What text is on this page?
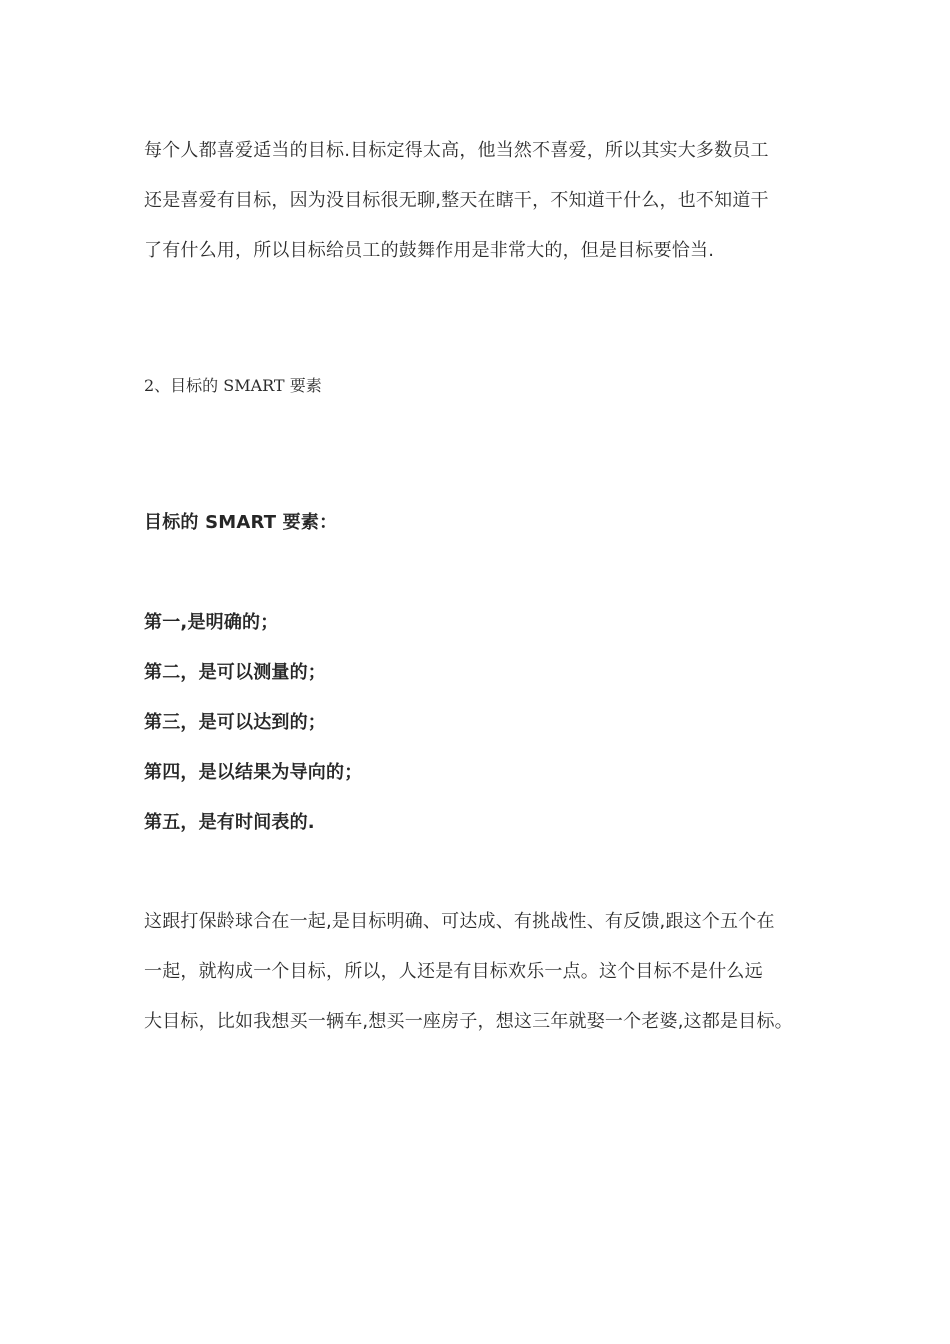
每个人都喜爱适当的目标.目标定得太高，他当然不喜爱，所以其实大多数员工
还是喜爱有目标，因为没目标很无聊,整天在瞎干，不知道干什么，也不知道干
了有什么用，所以目标给员工的鼓舞作用是非常大的，但是目标要恰当.
2、目标的 SMART 要素
目标的 SMART 要素：
第一,是明确的；
第二，是可以测量的；
第三，是可以达到的；
第四，是以结果为导向的；
第五，是有时间表的.
这跟打保龄球合在一起,是目标明确、可达成、有挑战性、有反馈,跟这个五个在
一起，就构成一个目标，所以，人还是有目标欢乐一点。这个目标不是什么远
大目标，比如我想买一辆车,想买一座房子，想这三年就娶一个老婆,这都是目标。
